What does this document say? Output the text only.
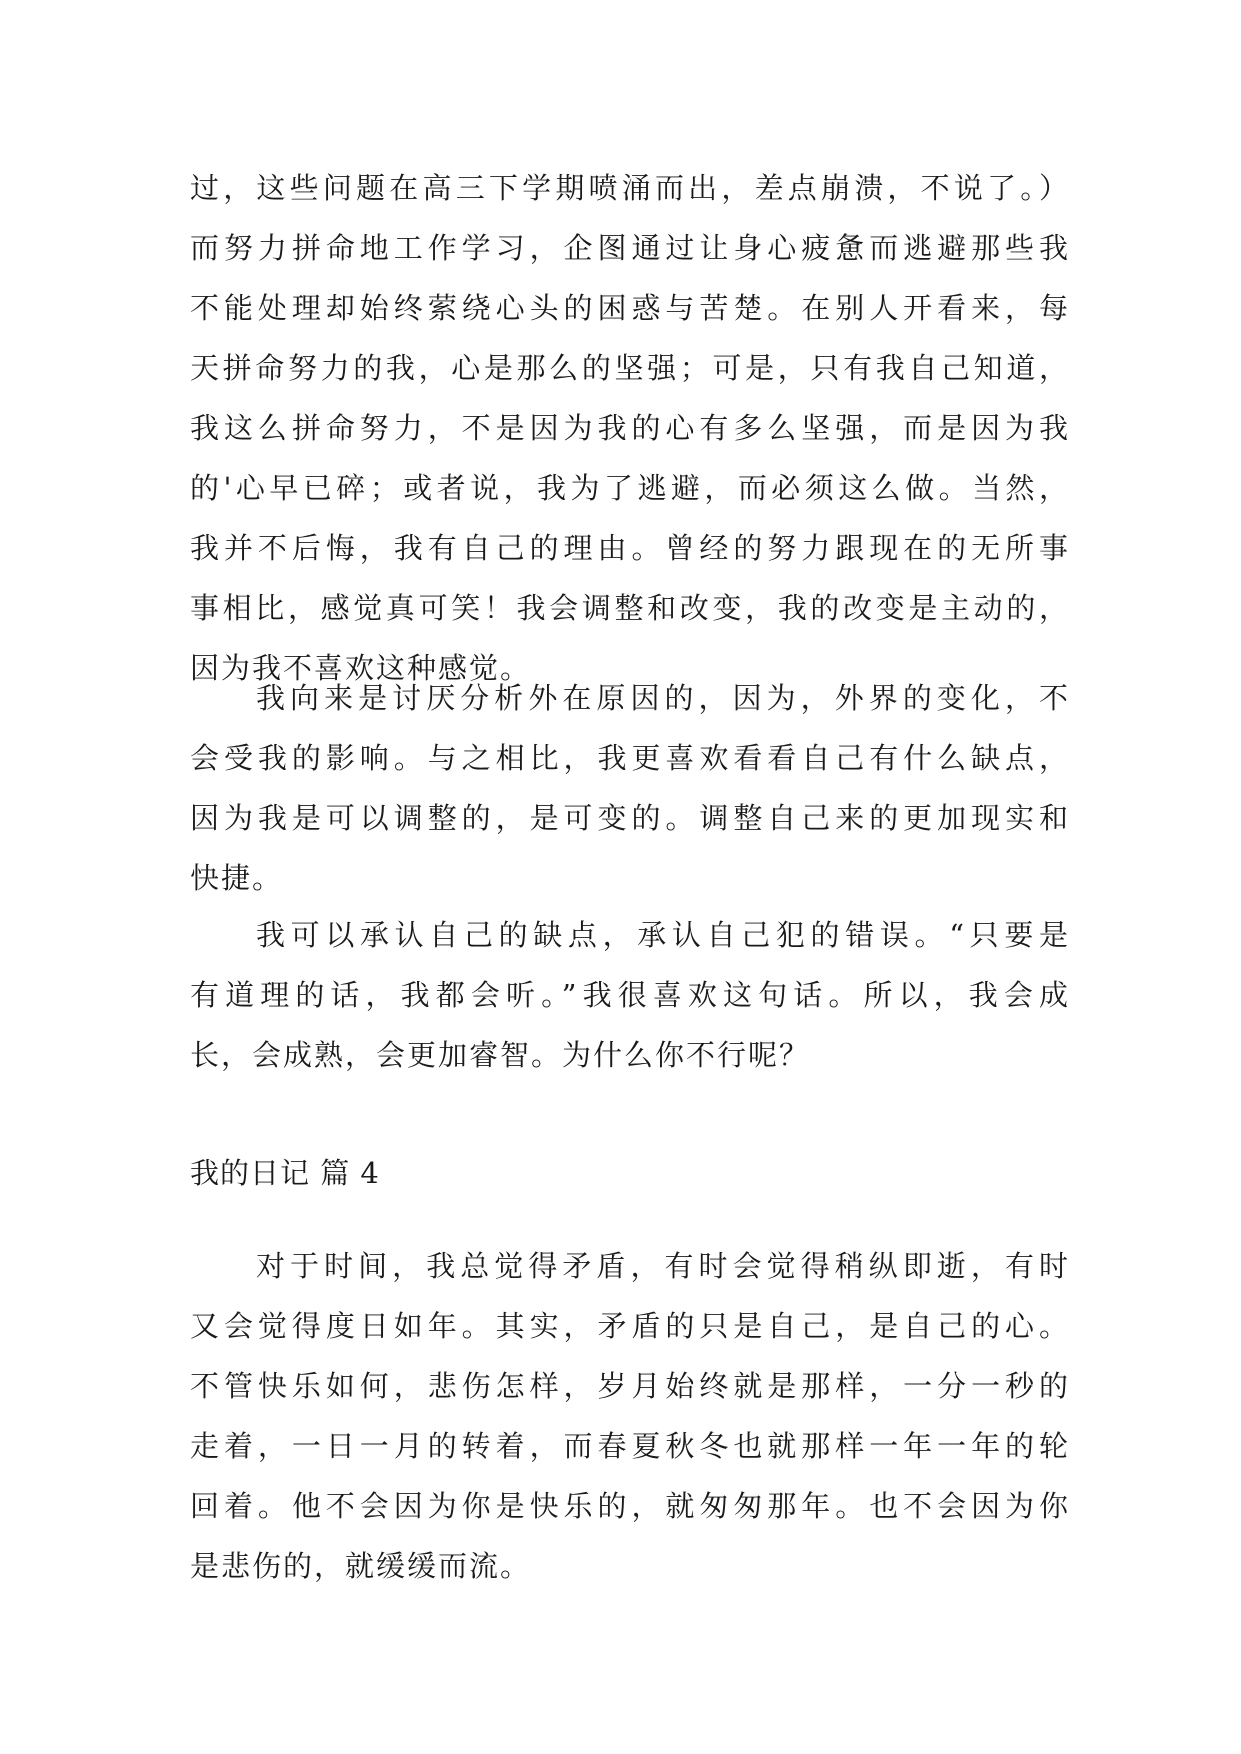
过，这些问题在高三下学期喷涌而出，差点崩溃，不说了。）
而努力拼命地工作学习，企图通过让身心疲惫而逃避那些我
不能处理却始终萦绕心头的困惑与苦楚。在别人开看来，每
天拼命努力的我，心是那么的坚强；可是，只有我自己知道，
我这么拼命努力，不是因为我的心有多么坚强，而是因为我
的'心早已碎；或者说，我为了逃避，而必须这么做。当然，
我并不后悔，我有自己的理由。曾经的努力跟现在的无所事
事相比，感觉真可笑！我会调整和改变，我的改变是主动的，
因为我不喜欢这种感觉。
我向来是讨厌分析外在原因的，因为，外界的变化，不
会受我的影响。与之相比，我更喜欢看看自己有什么缺点，
因为我是可以调整的，是可变的。调整自己来的更加现实和
快捷。
我可以承认自己的缺点，承认自己犯的错误。“只要是
有道理的话，我都会听。”我很喜欢这句话。所以，我会成
长，会成熟，会更加睿智。为什么你不行呢？
我的日记 篇 4
对于时间，我总觉得矛盾，有时会觉得稍纵即逝，有时
又会觉得度日如年。其实，矛盾的只是自己，是自己的心。
不管快乐如何，悲伤怎样，岁月始终就是那样，一分一秒的
走着，一日一月的转着，而春夏秋冬也就那样一年一年的轮
回着。他不会因为你是快乐的，就匆匆那年。也不会因为你
是悲伤的，就缓缓而流。
